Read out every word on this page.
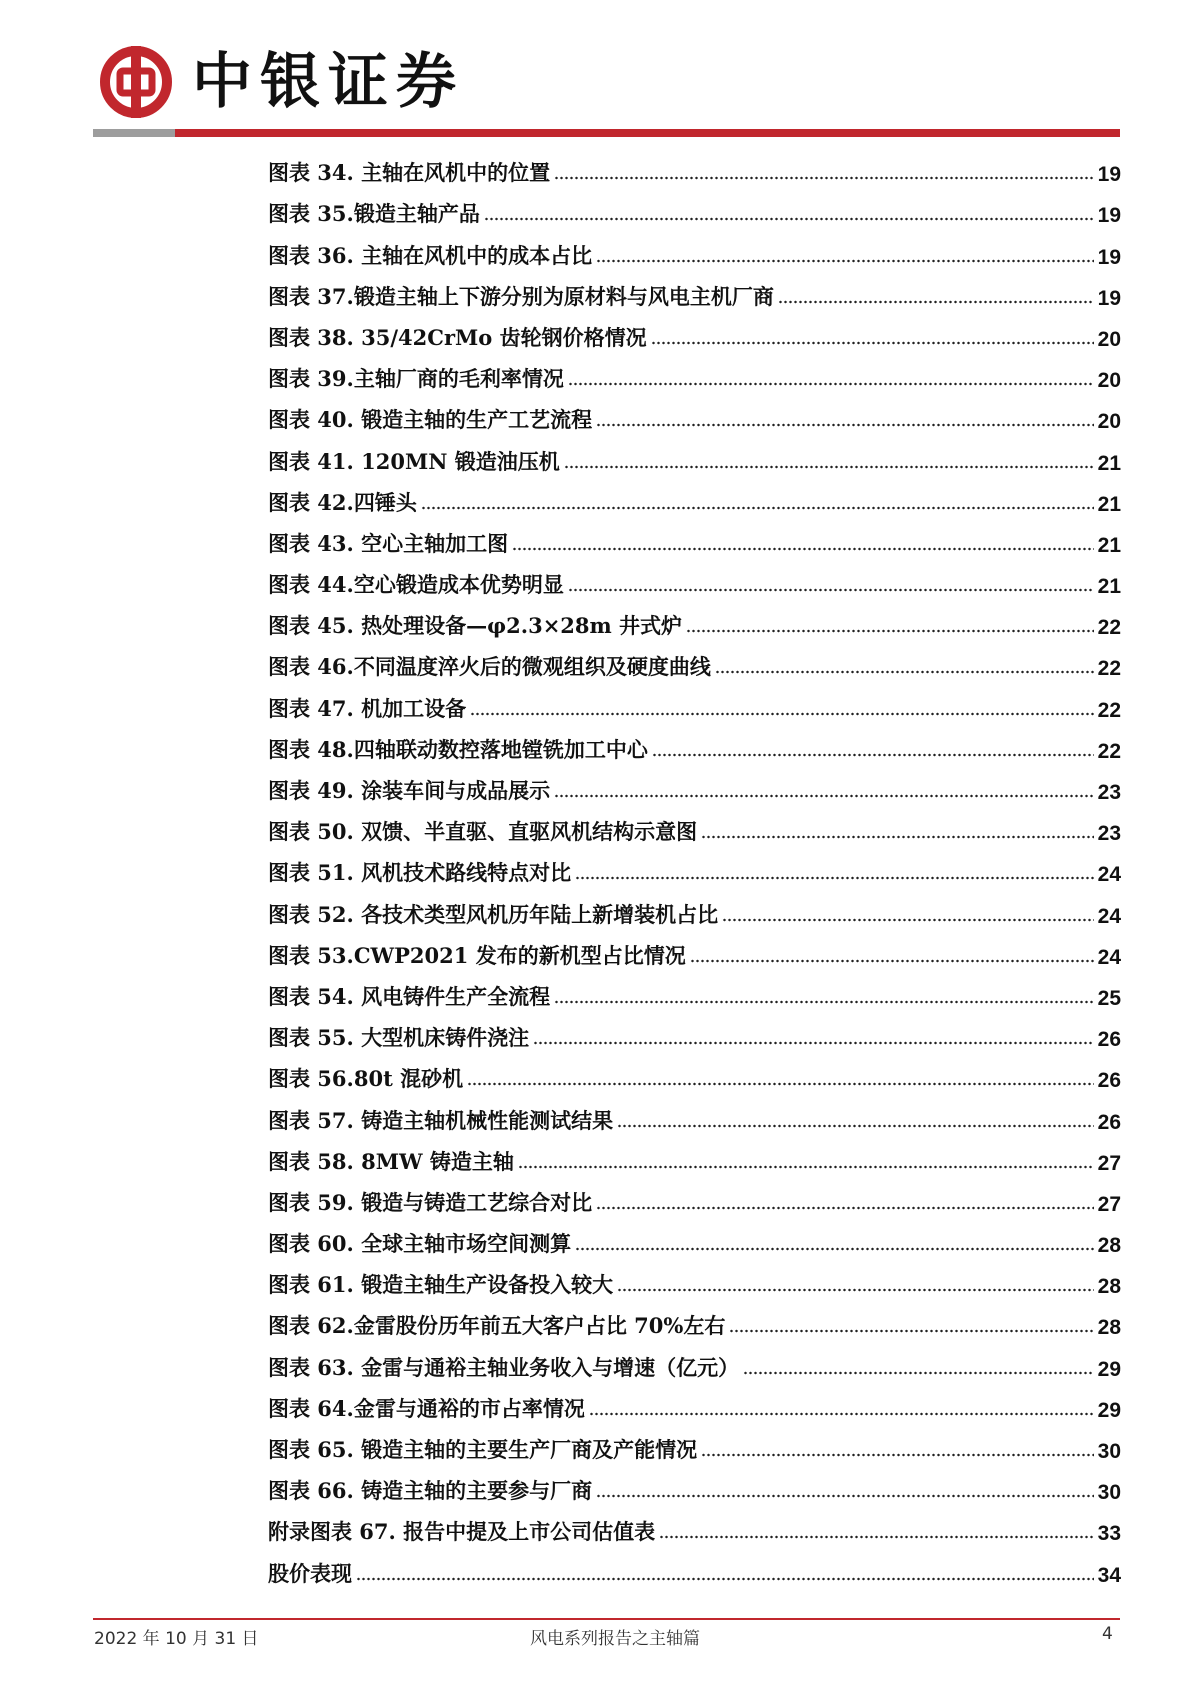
中银证券
图表 34. 主轴在风机中的位置	19
图表 35.锻造主轴产品	19
图表 36. 主轴在风机中的成本占比	19
图表 37.锻造主轴上下游分别为原材料与风电主机厂商	19
图表 38. 35/42CrMo 齿轮钢价格情况	20
图表 39.主轴厂商的毛利率情况	20
图表 40. 锻造主轴的生产工艺流程	20
图表 41. 120MN 锻造油压机	21
图表 42.四锤头	21
图表 43. 空心主轴加工图	21
图表 44.空心锻造成本优势明显	21
图表 45. 热处理设备—φ2.3×28m 井式炉	22
图表 46.不同温度淬火后的微观组织及硬度曲线	22
图表 47. 机加工设备	22
图表 48.四轴联动数控落地镗铣加工中心	22
图表 49. 涂装车间与成品展示	23
图表 50. 双馈、半直驱、直驱风机结构示意图	23
图表 51. 风机技术路线特点对比	24
图表 52. 各技术类型风机历年陆上新增装机占比	24
图表 53.CWP2021 发布的新机型占比情况	24
图表 54. 风电铸件生产全流程	25
图表 55. 大型机床铸件浇注	26
图表 56.80t 混砂机	26
图表 57. 铸造主轴机械性能测试结果	26
图表 58. 8MW 铸造主轴	27
图表 59. 锻造与铸造工艺综合对比	27
图表 60. 全球主轴市场空间测算	28
图表 61. 锻造主轴生产设备投入较大	28
图表 62.金雷股份历年前五大客户占比 70%左右	28
图表 63. 金雷与通裕主轴业务收入与增速（亿元）	29
图表 64.金雷与通裕的市占率情况	29
图表 65. 锻造主轴的主要生产厂商及产能情况	30
图表 66. 铸造主轴的主要参与厂商	30
附录图表 67. 报告中提及上市公司估值表	33
股价表现	34
2022 年 10 月 31 日	风电系列报告之主轴篇	4
